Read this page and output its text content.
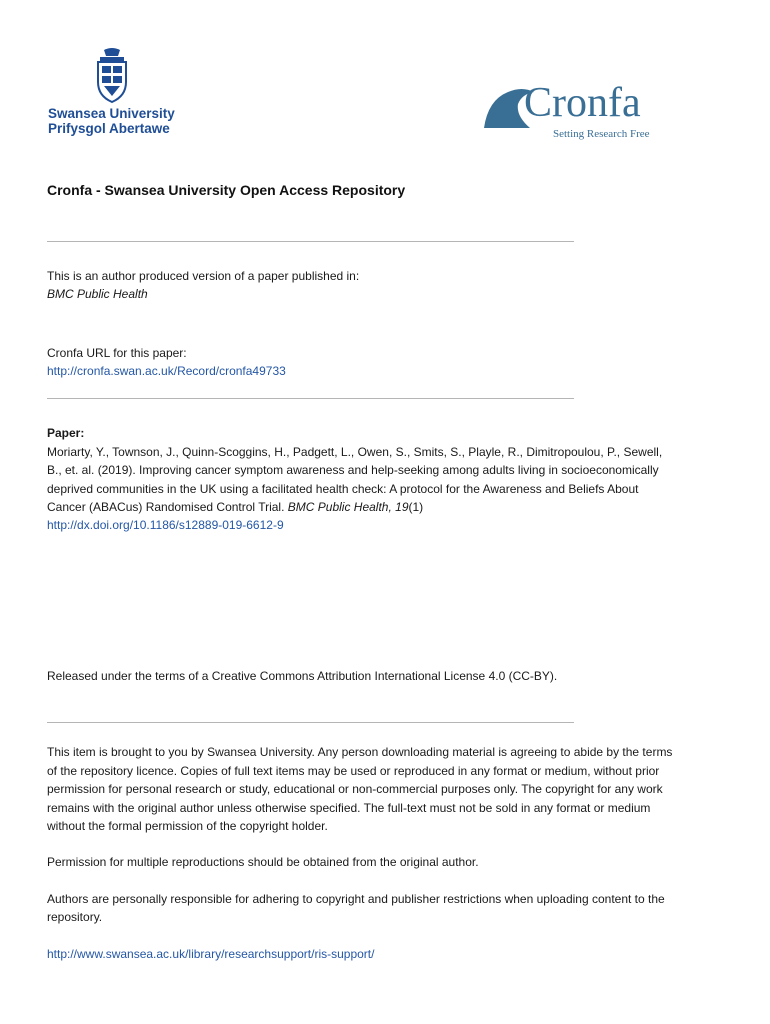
Swansea University
Prifysgol Abertawe
Cronfa
Setting Research Free
Cronfa - Swansea University Open Access Repository
This is an author produced version of a paper published in:
BMC Public Health
Cronfa URL for this paper:
http://cronfa.swan.ac.uk/Record/cronfa49733
Paper:
Moriarty, Y., Townson, J., Quinn-Scoggins, H., Padgett, L., Owen, S., Smits, S., Playle, R., Dimitropoulou, P., Sewell,
B., et. al. (2019). Improving cancer symptom awareness and help-seeking among adults living in socioeconomically
deprived communities in the UK using a facilitated health check: A protocol for the Awareness and Beliefs About
Cancer (ABACus) Randomised Control Trial. BMC Public Health, 19(1)
http://dx.doi.org/10.1186/s12889-019-6612-9
Released under the terms of a Creative Commons Attribution International License 4.0 (CC-BY).
This item is brought to you by Swansea University. Any person downloading material is agreeing to abide by the terms
of the repository licence. Copies of full text items may be used or reproduced in any format or medium, without prior
permission for personal research or study, educational or non-commercial purposes only. The copyright for any work
remains with the original author unless otherwise specified. The full-text must not be sold in any format or medium
without the formal permission of the copyright holder.
Permission for multiple reproductions should be obtained from the original author.
Authors are personally responsible for adhering to copyright and publisher restrictions when uploading content to the
repository.
http://www.swansea.ac.uk/library/researchsupport/ris-support/
